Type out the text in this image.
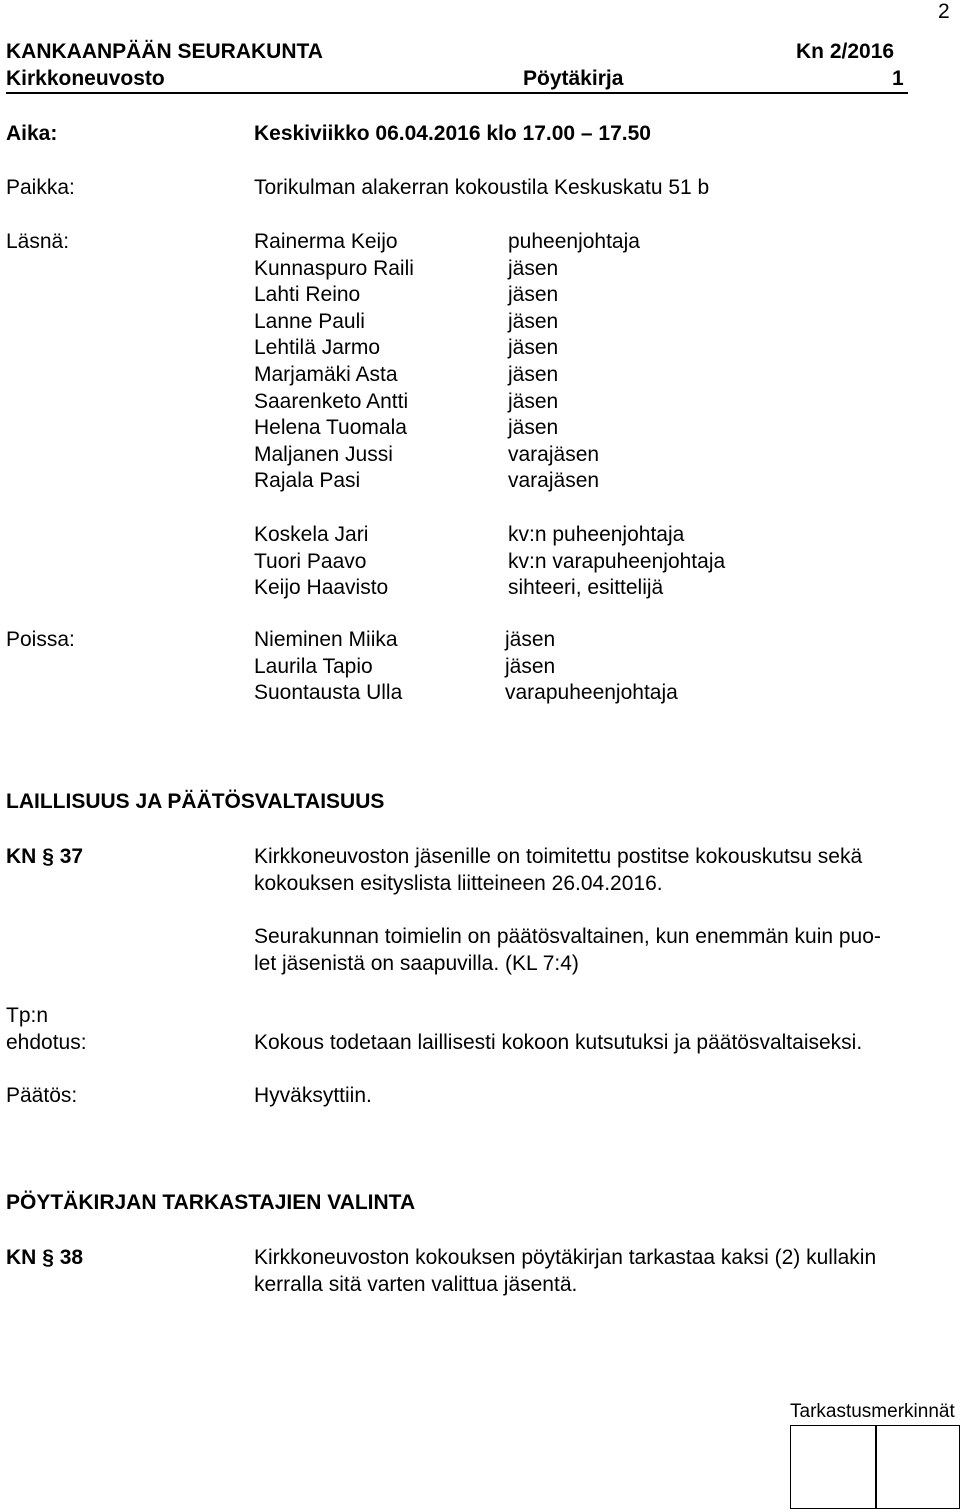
2
KANKAANPÄÄN SEURAKUNTA	Kn 2/2016
Kirkkoneuvosto	Pöytäkirja	1
Aika:	Keskiviikko 06.04.2016 klo 17.00 – 17.50
Paikka:	Torikulman alakerran kokoustila Keskuskatu 51 b
Läsnä:	Rainerma Keijo	puheenjohtaja
Kunnaspuro Raili	jäsen
Lahti Reino	jäsen
Lanne Pauli	jäsen
Lehtilä Jarmo	jäsen
Marjamäki Asta	jäsen
Saarenketo Antti	jäsen
Helena Tuomala	jäsen
Maljanen Jussi	varajäsen
Rajala Pasi	varajäsen
Koskela Jari	kv:n puheenjohtaja
Tuori Paavo	kv:n varapuheenjohtaja
Keijo Haavisto	sihteeri, esittelijä
Poissa:	Nieminen Miika	jäsen
Laurila Tapio	jäsen
Suontausta Ulla	varapuheenjohtaja
LAILLISUUS JA PÄÄTÖSVALTAISUUS
KN § 37	Kirkkoneuvoston jäsenille on toimitettu postitse kokouskutsu sekä
kokouksen esityslista liitteineen 26.04.2016.
Seurakunnan toimielin on päätösvaltainen, kun enemmän kuin puo-
let jäsenistä on saapuvilla. (KL 7:4)
Tp:n
ehdotus:	Kokous todetaan laillisesti kokoon kutsutuksi ja päätösvaltaiseksi.
Päätös:	Hyväksyttiin.
PÖYTÄKIRJAN TARKASTAJIEN VALINTA
KN § 38	Kirkkoneuvoston kokouksen pöytäkirjan tarkastaa kaksi (2) kullakin
kerralla sitä varten valittua jäsentä.
Tarkastusmerkinnät
